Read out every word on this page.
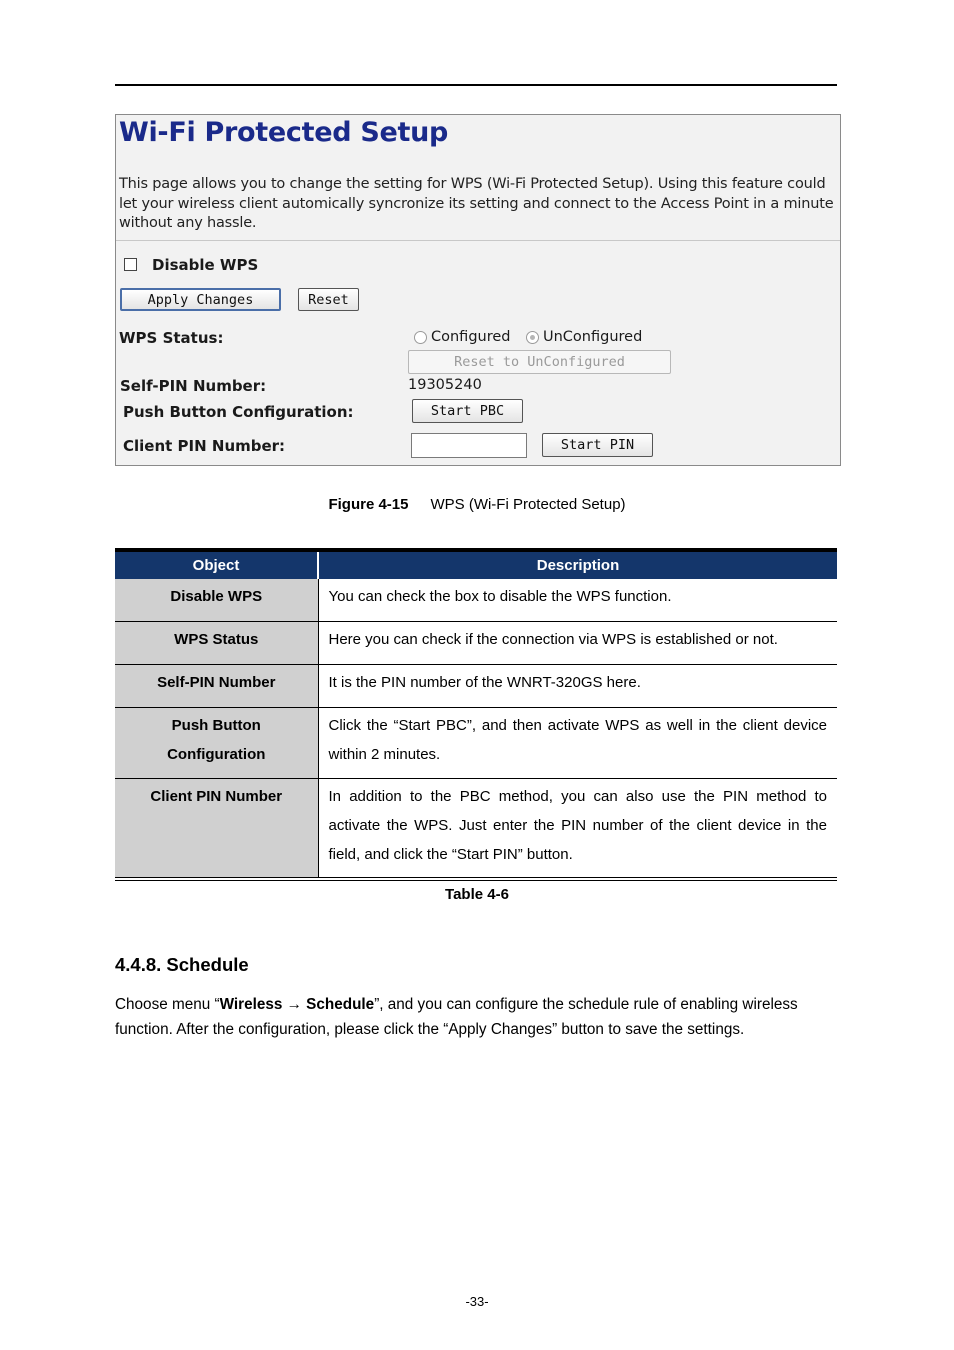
Wi-Fi Protected Setup
This page allows you to change the setting for WPS (Wi-Fi Protected Setup). Using this feature could let your wireless client automically syncronize its setting and connect to the Access Point in a minute without any hassle.
Disable WPS
Apply Changes	Reset
WPS Status:	Configured UnConfigured
Reset to UnConfigured
Self-PIN Number:	19305240
Push Button Configuration:	Start PBC
Client PIN Number:	Start PIN
Figure 4-15 WPS (Wi-Fi Protected Setup)
Object	Description
Disable WPS	You can check the box to disable the WPS function.
WPS Status	Here you can check if the connection via WPS is established or not.
Self-PIN Number	It is the PIN number of the WNRT-320GS here.
Push Button Configuration	Click the “Start PBC”, and then activate WPS as well in the client device within 2 minutes.
Client PIN Number	In addition to the PBC method, you can also use the PIN method to activate the WPS. Just enter the PIN number of the client device in the field, and click the “Start PIN” button.
Table 4-6
4.4.8. Schedule
Choose menu “Wireless → Schedule”, and you can configure the schedule rule of enabling wireless function. After the configuration, please click the “Apply Changes” button to save the settings.
-33-
